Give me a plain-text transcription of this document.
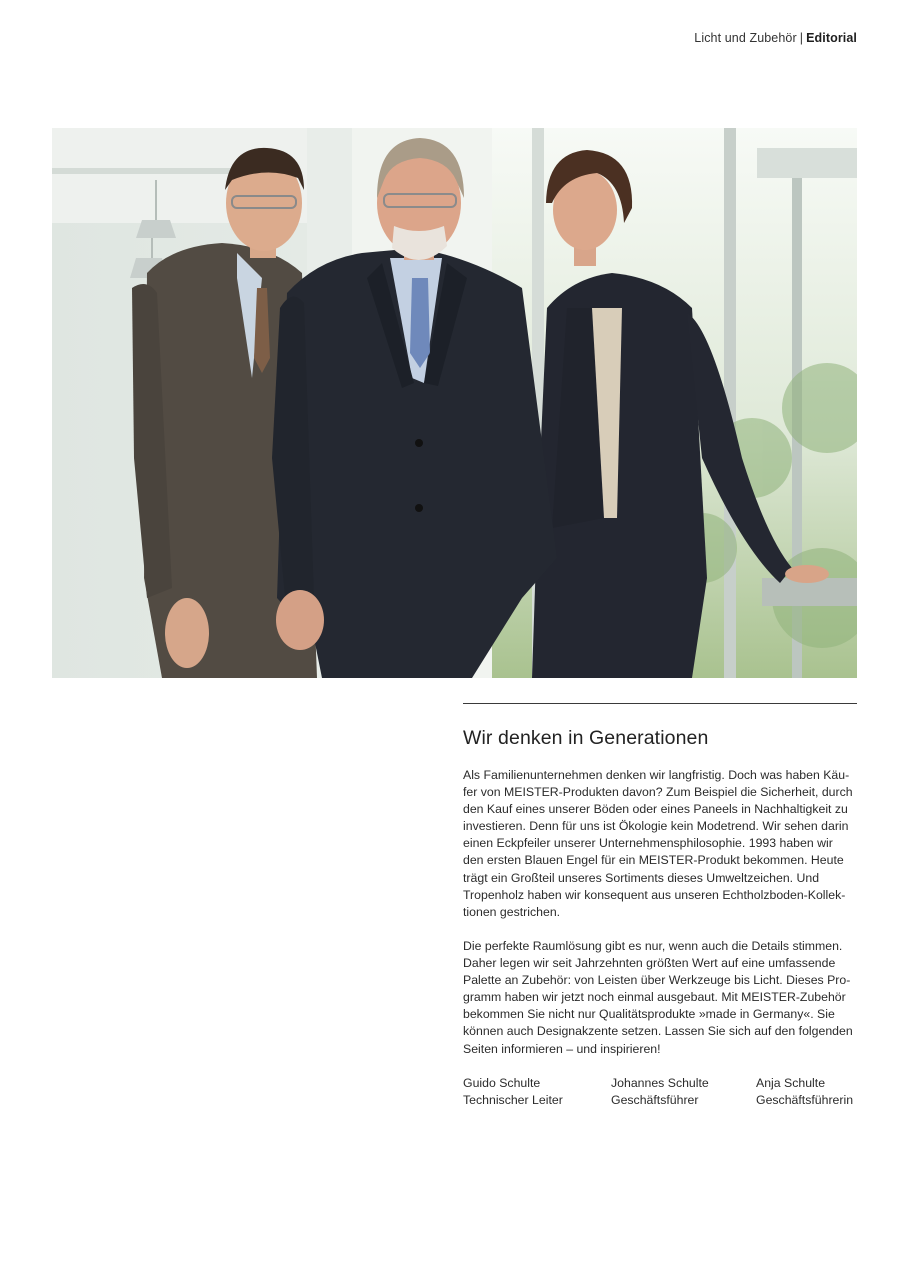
Licht und Zubehör | Editorial
Wir denken in Generationen

Als Familienunternehmen denken wir langfristig. Doch was haben Käu-
fer von MEISTER-Produkten davon? Zum Beispiel die Sicherheit, durch
den Kauf eines unserer Böden oder eines Paneels in Nachhaltigkeit zu
investieren. Denn für uns ist Ökologie kein Modetrend. Wir sehen darin
einen Eckpfeiler unserer Unternehmensphilosophie. 1993 haben wir
den ersten Blauen Engel für ein MEISTER-Produkt bekommen. Heute
trägt ein Großteil unseres Sortiments dieses Umweltzeichen. Und
Tropenholz haben wir konsequent aus unseren Echtholzboden-Kollek-
tionen gestrichen.

Die perfekte Raumlösung gibt es nur, wenn auch die Details stimmen.
Daher legen wir seit Jahrzehnten größten Wert auf eine umfassende
Palette an Zubehör: von Leisten über Werkzeuge bis Licht. Dieses Pro-
gramm haben wir jetzt noch einmal ausgebaut. Mit MEISTER-Zubehör
bekommen Sie nicht nur Qualitätsprodukte »made in Germany«. Sie
können auch Designakzente setzen. Lassen Sie sich auf den folgenden
Seiten informieren – und inspirieren!

Guido Schulte
Technischer Leiter
Johannes Schulte
Geschäftsführer
Anja Schulte
Geschäftsführerin
